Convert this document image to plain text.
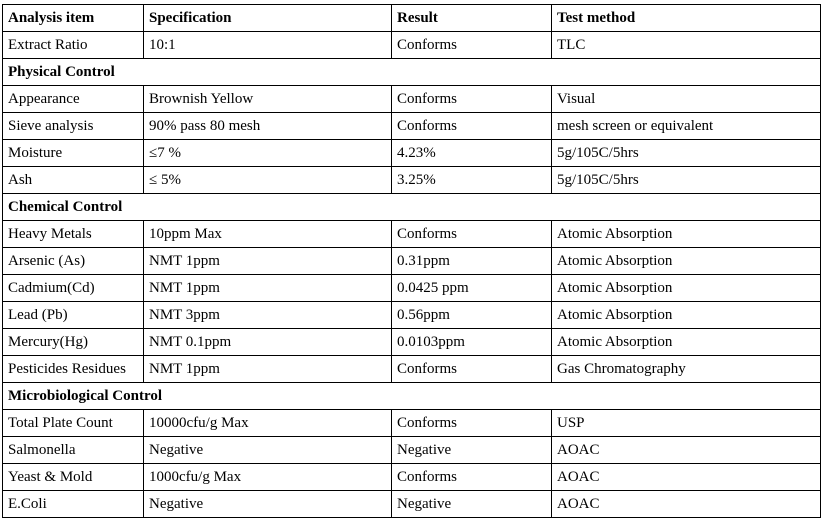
Analysis item	Specification	Result	Test method
Extract Ratio	10:1	Conforms	TLC
Physical Control			
Appearance	Brownish Yellow	Conforms	Visual
Sieve analysis	90% pass 80 mesh	Conforms	mesh screen or equivalent
Moisture	≤7 %	4.23%	5g/105C/5hrs
Ash	≤ 5%	3.25%	5g/105C/5hrs
Chemical Control			
Heavy Metals	10ppm Max	Conforms	Atomic Absorption
Arsenic (As)	NMT 1ppm	0.31ppm	Atomic Absorption
Cadmium(Cd)	NMT 1ppm	0.0425 ppm	Atomic Absorption
Lead (Pb)	NMT 3ppm	0.56ppm	Atomic Absorption
Mercury(Hg)	NMT 0.1ppm	0.0103ppm	Atomic Absorption
Pesticides Residues	NMT 1ppm	Conforms	Gas Chromatography
Microbiological Control			
Total Plate Count	10000cfu/g Max	Conforms	USP
Salmonella	Negative	Negative	AOAC
Yeast & Mold	1000cfu/g Max	Conforms	AOAC
E.Coli	Negative	Negative	AOAC
